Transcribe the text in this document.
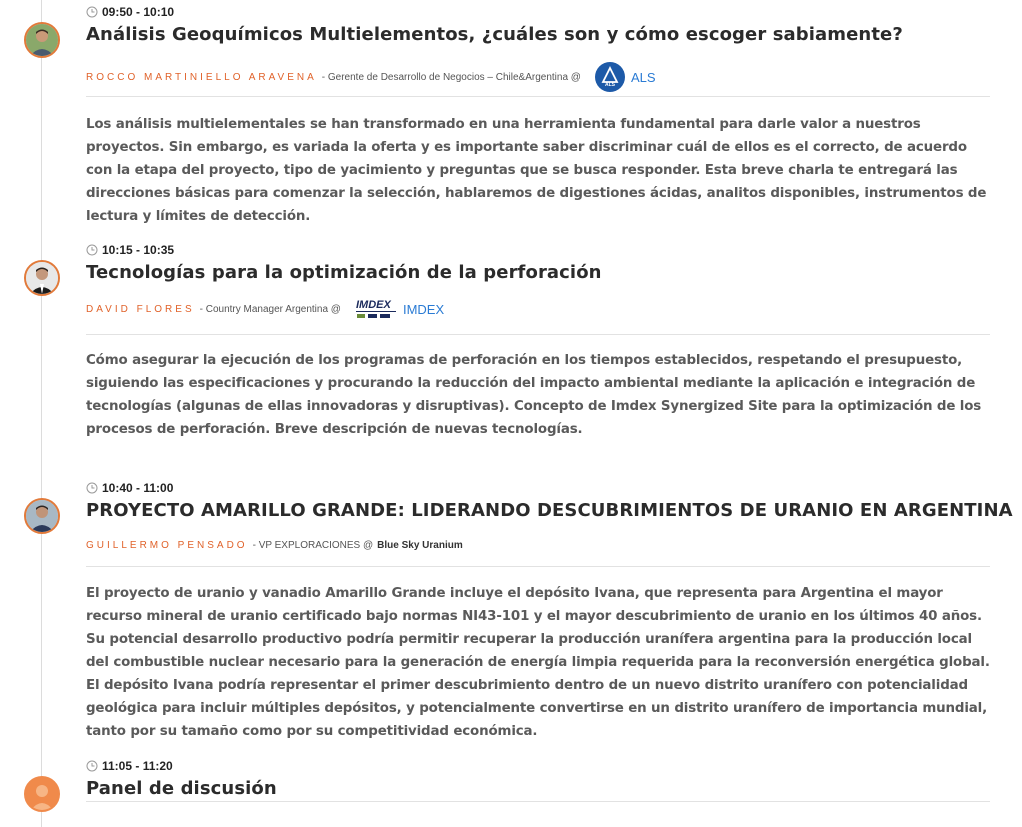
09:50 - 10:10
Análisis Geoquímicos Multielementos, ¿cuáles son y cómo escoger sabiamente?
ROCCO MARTINIELLO ARAVENA - Gerente de Desarrollo de Negocios – Chile&Argentina @
ALS
ALS
Los análisis multielementales se han transformado en una herramienta fundamental para darle valor a nuestros proyectos. Sin embargo, es variada la oferta y es importante saber discriminar cuál de ellos es el correcto, de acuerdo con la etapa del proyecto, tipo de yacimiento y preguntas que se busca responder. Esta breve charla te entregará las direcciones básicas para comenzar la selección, hablaremos de digestiones ácidas, analitos disponibles, instrumentos de lectura y límites de detección.
10:15 - 10:35
Tecnologías para la optimización de la perforación
DAVID FLORES - Country Manager Argentina @ IMDEX IMDEX
Cómo asegurar la ejecución de los programas de perforación en los tiempos establecidos, respetando el presupuesto, siguiendo las especificaciones y procurando la reducción del impacto ambiental mediante la aplicación e integración de tecnologías (algunas de ellas innovadoras y disruptivas). Concepto de Imdex Synergized Site para la optimización de los procesos de perforación. Breve descripción de nuevas tecnologías.
10:40 - 11:00
PROYECTO AMARILLO GRANDE: LIDERANDO DESCUBRIMIENTOS DE URANIO EN ARGENTINA
GUILLERMO PENSADO - VP EXPLORACIONES @ Blue Sky Uranium
El proyecto de uranio y vanadio Amarillo Grande incluye el depósito Ivana, que representa para Argentina el mayor recurso mineral de uranio certificado bajo normas NI43-101 y el mayor descubrimiento de uranio en los últimos 40 años. Su potencial desarrollo productivo podría permitir recuperar la producción uranífera argentina para la producción local del combustible nuclear necesario para la generación de energía limpia requerida para la reconversión energética global. El depósito Ivana podría representar el primer descubrimiento dentro de un nuevo distrito uranífero con potencialidad geológica para incluir múltiples depósitos, y potencialmente convertirse en un distrito uranífero de importancia mundial, tanto por su tamaño como por su competitividad económica.
11:05 - 11:20
Panel de discusión
